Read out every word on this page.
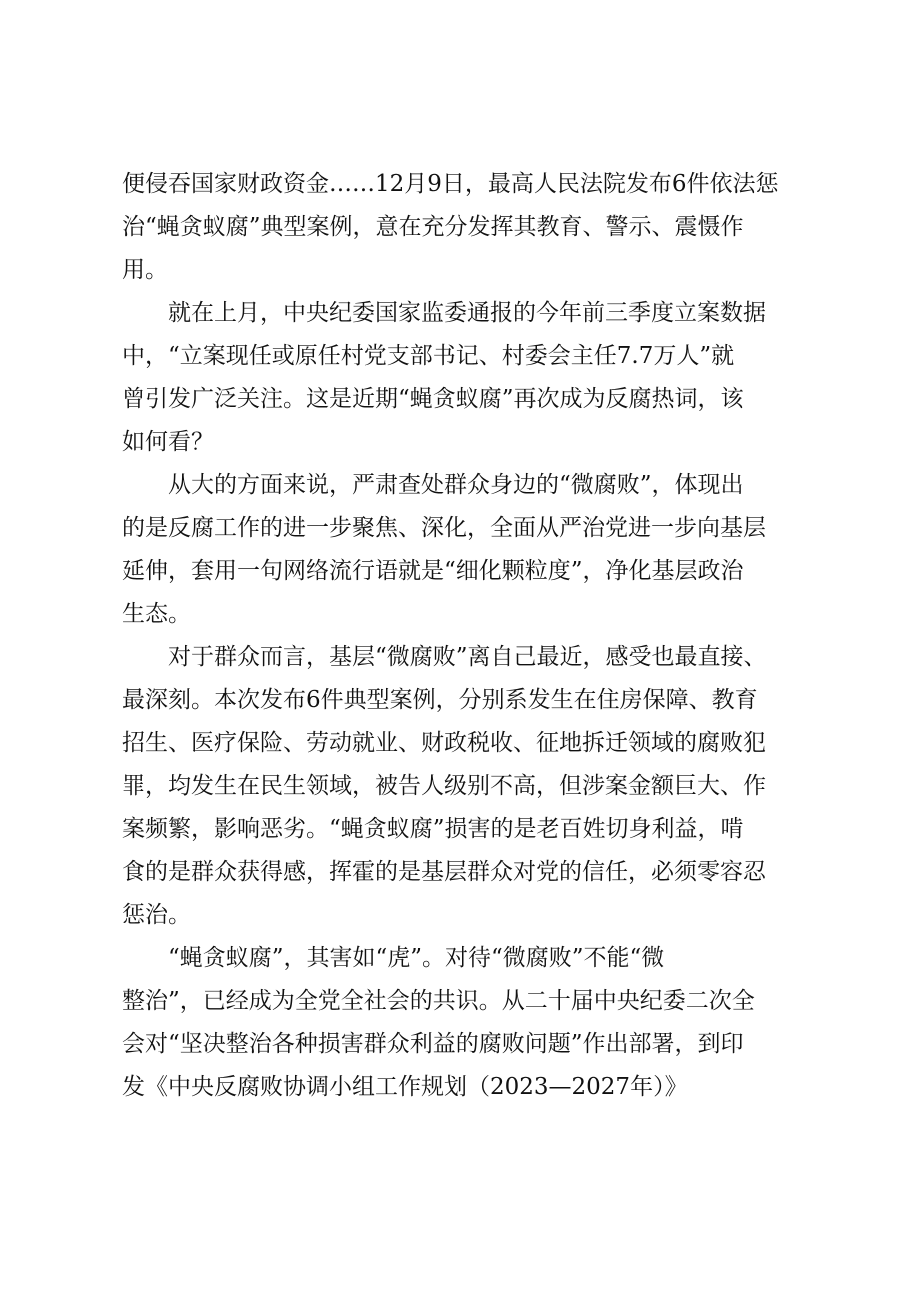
便侵吞国家财政资金……12月9日，最高人民法院发布6件依法惩
治“蝇贪蚁腐”典型案例，意在充分发挥其教育、警示、震慑作
用。
就在上月，中央纪委国家监委通报的今年前三季度立案数据
中，“立案现任或原任村党支部书记、村委会主任7.7万人”就
曾引发广泛关注。这是近期“蝇贪蚁腐”再次成为反腐热词，该
如何看？
从大的方面来说，严肃查处群众身边的“微腐败”，体现出
的是反腐工作的进一步聚焦、深化，全面从严治党进一步向基层
延伸，套用一句网络流行语就是“细化颗粒度”，净化基层政治
生态。
对于群众而言，基层“微腐败”离自己最近，感受也最直接、
最深刻。本次发布6件典型案例，分别系发生在住房保障、教育
招生、医疗保险、劳动就业、财政税收、征地拆迁领域的腐败犯
罪，均发生在民生领域，被告人级别不高，但涉案金额巨大、作
案频繁，影响恶劣。“蝇贪蚁腐”损害的是老百姓切身利益，啃
食的是群众获得感，挥霍的是基层群众对党的信任，必须零容忍
惩治。
“蝇贪蚁腐”，其害如“虎”。对待“微腐败”不能“微
整治”，已经成为全党全社会的共识。从二十届中央纪委二次全
会对“坚决整治各种损害群众利益的腐败问题”作出部署，到印
发《中央反腐败协调小组工作规划（2023—2027年）》
